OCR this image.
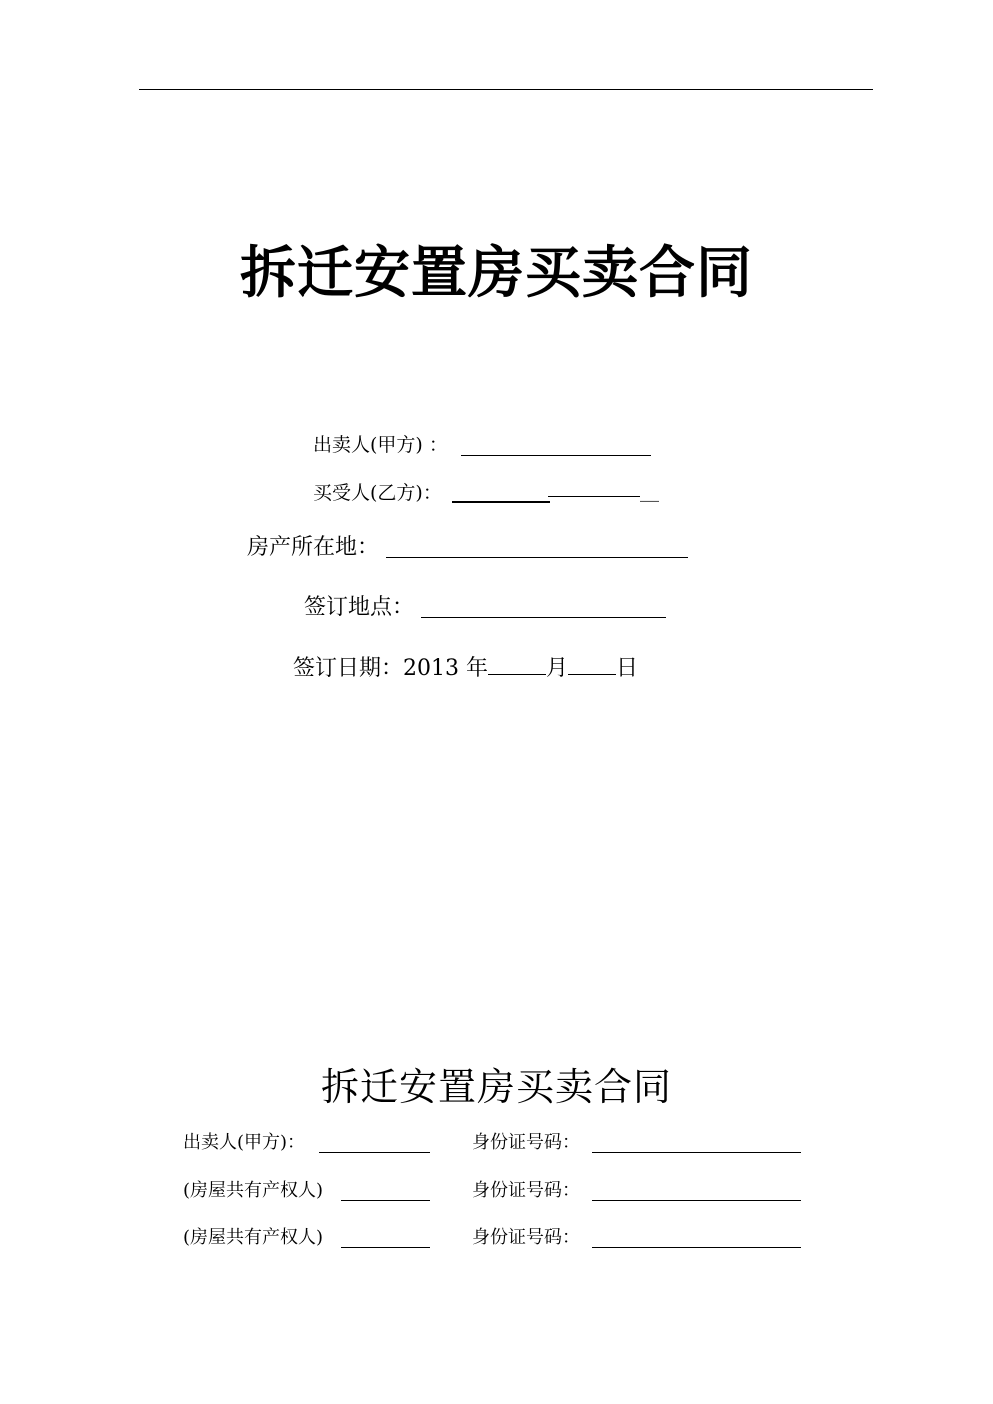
拆迁安置房买卖合同
出卖人(甲方) ：
买受人(乙方)：	__
房产所在地：
签订地点：
签订日期：2013 年	月 日
拆迁安置房买卖合同
出卖人(甲方)：	身份证号码：
(房屋共有产权人)	身份证号码：
(房屋共有产权人)	身份证号码：
